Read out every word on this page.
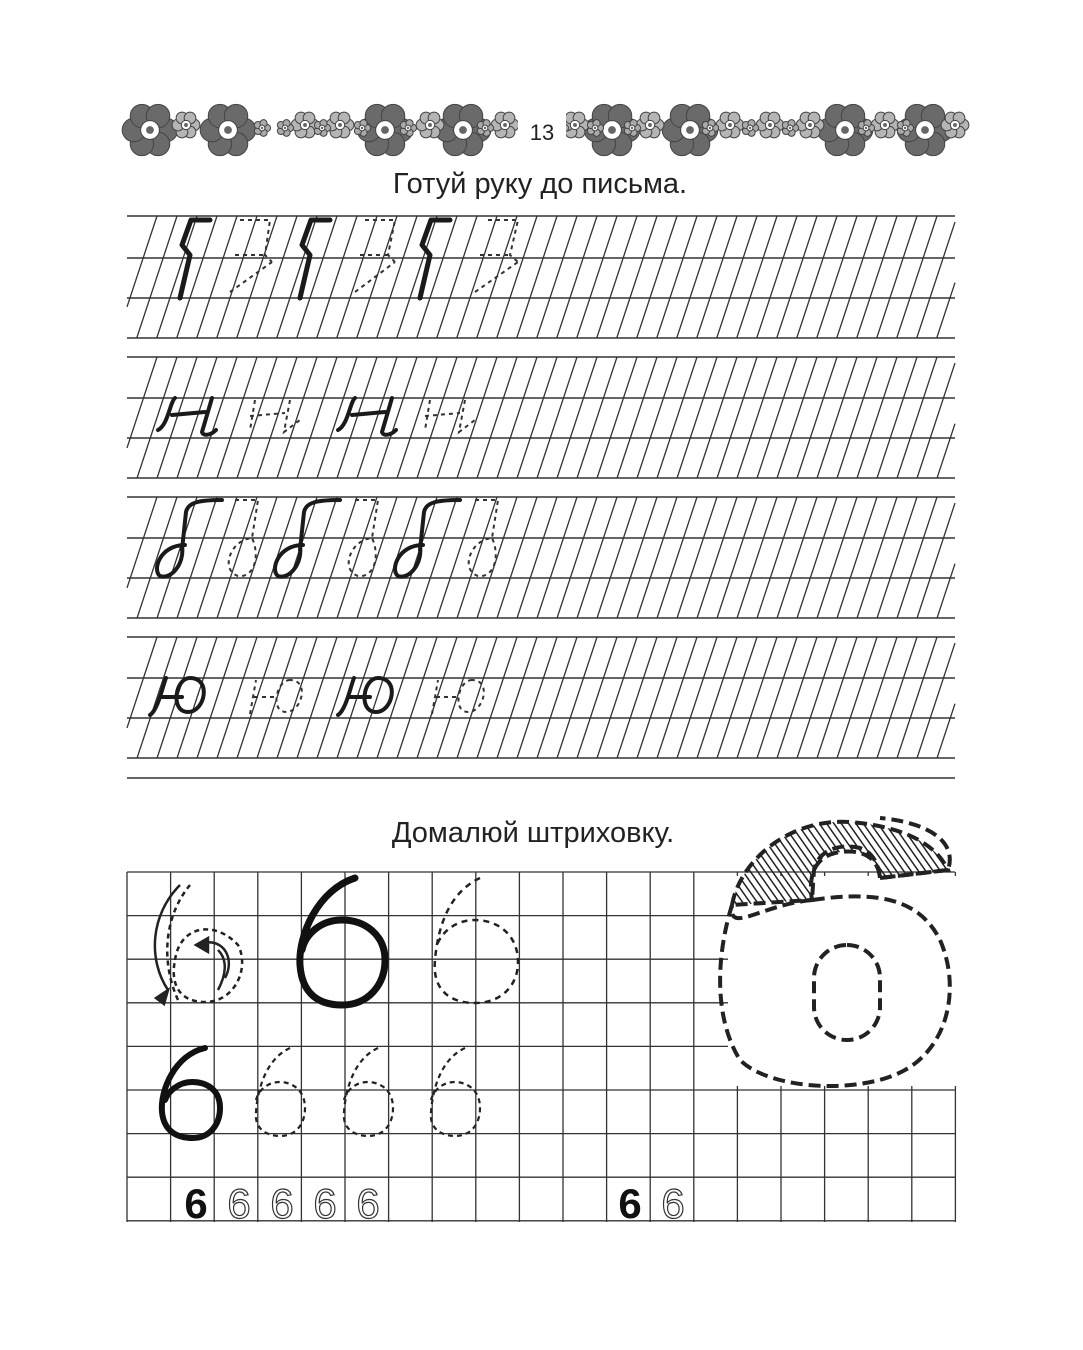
13
Готуй руку до письма.
Домалюй штриховку.
6 6 6 6 6	6 6
